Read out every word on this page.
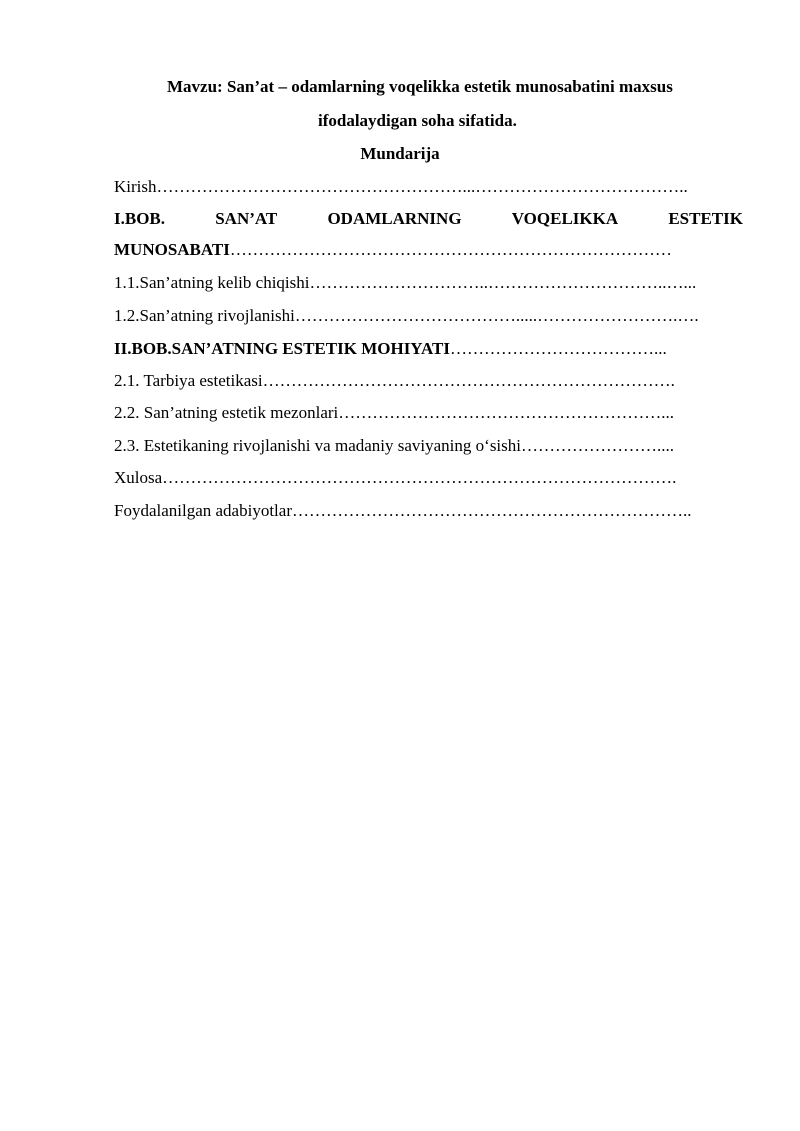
Mavzu: San’at – odamlarning voqelikka estetik munosabatini maxsus
ifodalaydigan soha sifatida.
Mundarija
Kirish………………………………………………...………………………………..
I.BOB.	SAN’AT	ODAMLARNING	VOQELIKKA	ESTETIK
MUNOSABATI……………………………………………………………………
1.1.San’atning kelib chiqishi…………………………..…………………………..…...
1.2.San’atning rivojlanishi………………………………….....…………………….….
II.BOB.SAN’ATNING ESTETIK MOHIYATI………………………………...
2.1. Tarbiya estetikasi……………………………………………………………….
2.2. San’atning estetik mezonlari…………………………………………………...
2.3. Estetikaning rivojlanishi va madaniy saviyaning o‘sishi……………………....
Xulosa……………………………………………………………………………….
Foydalanilgan adabiyotlar……………………………………………………………..
